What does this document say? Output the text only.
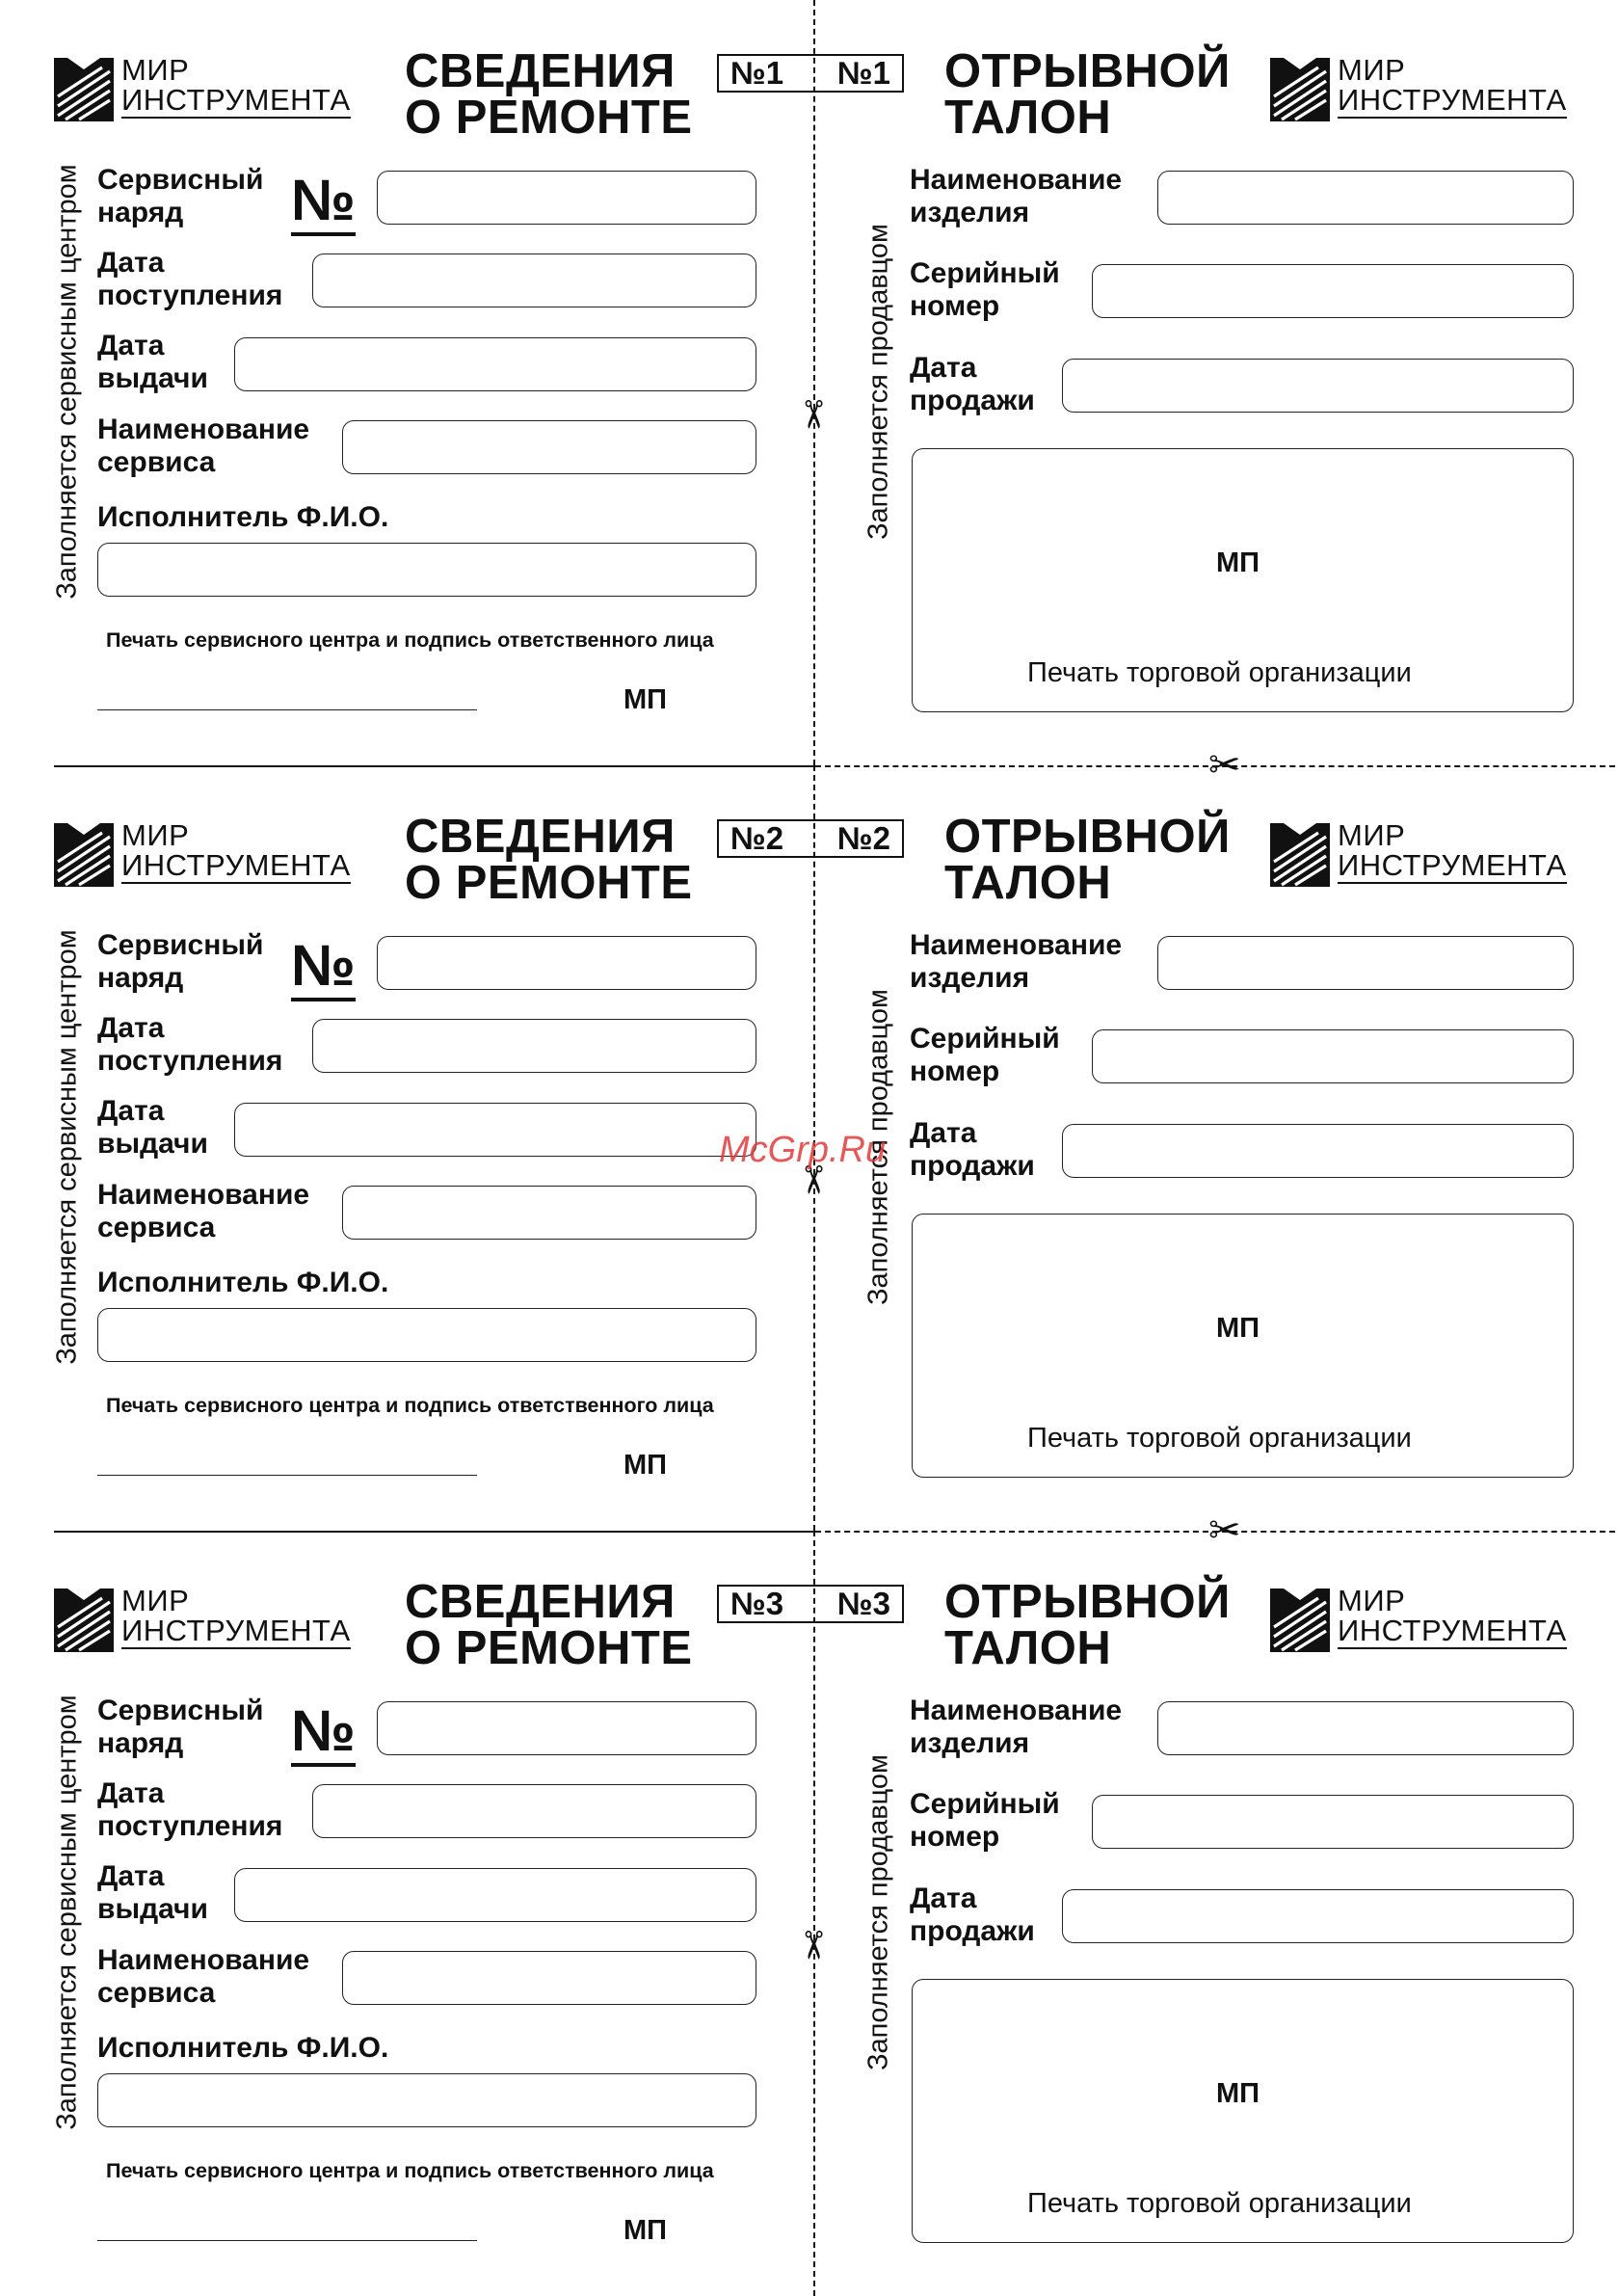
МИР

ИНСТРУМЕНТА
СВЕДЕНИЯ
О РЕМОНТЕ
№1 №1 ОТРЫВНОЙ
ТАЛОН
МИР

ИНСТРУМЕНТА
Заполняется сервисным центром	Заполняется продавцом
Сервисный
наряд	№
Дата
поступления
Дата
выдачи
Наименование
сервиса
Исполнитель Ф.И.О.
Печать сервисного центра и подпись ответственного лица
МП
Наименование
изделия
Серийный
номер
Дата
продажи
МП
Печать торговой организации
✂
МИР

ИНСТРУМЕНТА
СВЕДЕНИЯ
О РЕМОНТЕ
№2 №2 ОТРЫВНОЙ
ТАЛОН
МИР

ИНСТРУМЕНТА
Заполняется сервисным центром	Заполняется продавцом
Сервисный
наряд	№
Дата
поступления
Дата
выдачи
Наименование
сервиса
Исполнитель Ф.И.О.
Печать сервисного центра и подпись ответственного лица
МП
Наименование
изделия
Серийный
номер
Дата
продажи
МП
Печать торговой организации
✂
МИР

ИНСТРУМЕНТА
СВЕДЕНИЯ
О РЕМОНТЕ
№3 №3 ОТРЫВНОЙ
ТАЛОН
МИР

ИНСТРУМЕНТА
Заполняется сервисным центром	Заполняется продавцом
Сервисный
наряд	№
Дата
поступления
Дата
выдачи
Наименование
сервиса
Исполнитель Ф.И.О.
Печать сервисного центра и подпись ответственного лица
МП
Наименование
изделия
Серийный
номер
Дата
продажи
МП
Печать торговой организации
✂
✂
✂
McGrp.Ru
